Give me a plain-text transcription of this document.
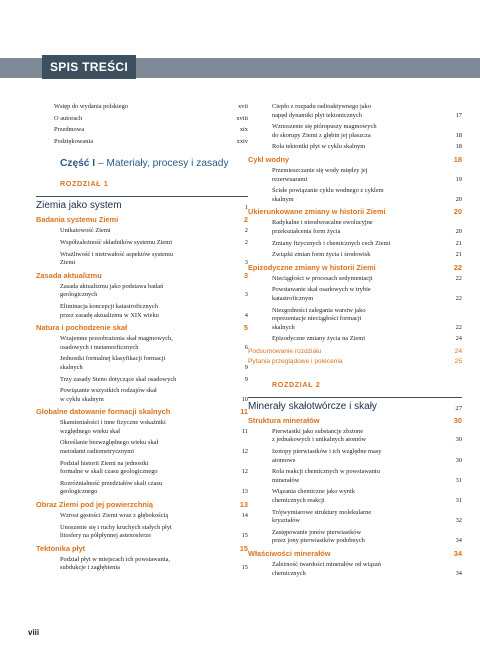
SPIS TREŚCI
Wstęp do wydania polskiego	xvii
O autorach	xviii
Przedmowa	xix
Podziękowania	xxiv
Część I – Materiały, procesy i zasady
ROZDZIAŁ 1
Ziemia jako system	1
Badania systemu Ziemi	2
Unikatowość Ziemi	2
Współzależność składników systemu Ziemi	2
Wrażliwość i nietrwałość aspektów systemu
Ziemi	3
Zasada aktualizmu	3
Zasada aktualizmu jako podstawa badań
geologicznych	3
Eliminacja koncepcji katastroficznych
przez zasadę aktualizmu w XIX wieku	4
Natura i pochodzenie skał	5
Wzajemne przeobrażenia skał magmowych,
osadowych i metamorficznych	6
Jednostki formalnej klasyfikacji formacji
skalnych	9
Trzy zasady Steno dotyczące skał osadowych	9
Powiązanie wszystkich rodzajów skał
w cyklu skalnym	10
Globalne datowanie formacji skalnych	11
Skamieniałości i inne fizyczne wskaźniki
względnego wieku skał	11
Określanie bezwzględnego wieku skał
metodami radiometrycznymi	12
Podział historii Ziemi na jednostki
formalne w skali czasu geologicznego	12
Rozróżnialność przedziałów skali czasu
geologicznego	13
Obraz Ziemi pod jej powierzchnią	13
Wzrost gęstości Ziemi wraz z głębokością	14
Unoszenie się i ruchy kruchych stałych płyt
litosfery na półpłynnej astenosferze	15
Tektonika płyt	15
Podział płyt w miejscach ich powstawania,
subdukcje i zagłębienia	15
Ciepło z rozpadu radioaktywnego jako
napęd dynamiki płyt tektonicznych	17
Wznoszenie się pióropuszy magmowych
do skorupy Ziemi z głębin jej płaszcza	18
Rola tektoniki płyt w cyklu skalnym	18
Cykl wodny	18
Przemieszczanie się wody między jej
rezerwuarami	19
Ścisłe powiązanie cyklu wodnego z cyklem
skalnym	20
Ukierunkowane zmiany w historii Ziemi	20
Radykalne i nieodwracalne ewolucyjne
przekształcenia form życia	20
Zmiany fizycznych i chemicznych cech Ziemi	21
Związki zmian form życia i środowisk	21
Epizodyczne zmiany w historii Ziemi	22
Nieciągłości w procesach sedymentacji	22
Powstawanie skał osadowych w trybie
katastroficznym	22
Niezgodności zalegania warstw jako
reprezentacje nieciągłości formacji
skalnych	22
Epizodyczne zmiany życia na Ziemi	24
Podsumowanie rozdziału	24
Pytania przeglądowe i polecenia	25
ROZDZIAŁ 2
Minerały skałotwórcze i skały	27
Struktura minerałów	30
Pierwiastki jako substancje złożone
z jednakowych i unikalnych atomów	30
Izotopy pierwiastków i ich względne masy
atomowe	30
Rola reakcji chemicznych w powstawaniu
minerałów	31
Wiązania chemiczne jako wynik
chemicznych reakcji	31
Trójwymiarowe struktury molekularne
kryształów	32
Zastępowanie jonów pierwiastków
przez jony pierwiastków podobnych	34
Właściwości minerałów	34
Zależność twardości minerałów od wiązań
chemicznych	34
viii
